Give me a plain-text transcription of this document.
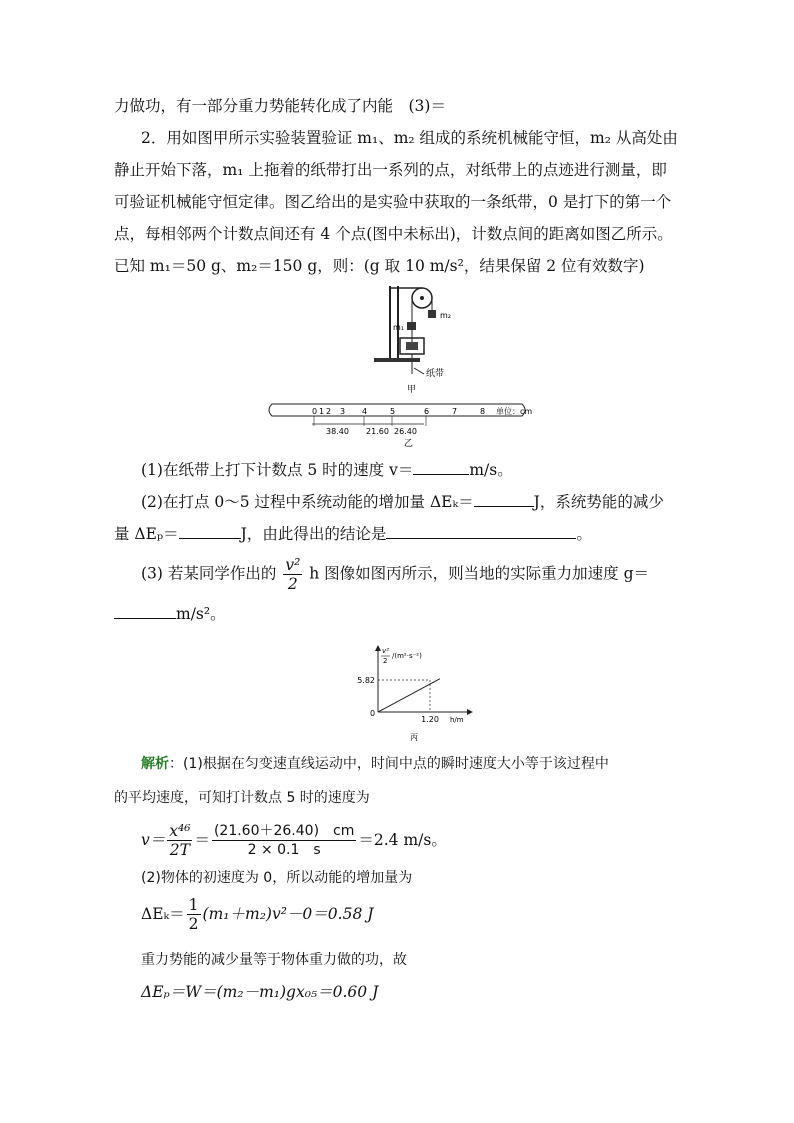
力做功，有一部分重力势能转化成了内能　(3)＝
2．用如图甲所示实验装置验证 m₁、m₂ 组成的系统机械能守恒，m₂ 从高处由
静止开始下落，m₁ 上拖着的纸带打出一系列的点，对纸带上的点迹进行测量，即
可验证机械能守恒定律。图乙给出的是实验中获取的一条纸带，0 是打下的第一个
点，每相邻两个计数点间还有 4 个点(图中未标出)，计数点间的距离如图乙所示。
已知 m₁＝50 g、m₂＝150 g，则：(g 取 10 m/s²，结果保留 2 位有效数字)
m₂
m₁
纸带
甲
0 1 2 3 4	5	6	7	8 单位：cm
38.40 21.60 26.40
乙
(1)在纸带上打下计数点 5 时的速度 v＝	m/s。
(2)在打点 0～5 过程中系统动能的增加量 ΔEₖ＝	J，系统势能的减少
量 ΔEₚ＝	J，由此得出的结论是	。
(3) 若某同学作出的 $\frac{\text{v²}}{2}$ h 图像如图丙所示，则当地的实际重力加速度 g＝
m/s²。
5.82
1.20
v²
2
/(m²·s⁻²)
h/m
0
丙
解析：(1)根据在匀变速直线运动中，时间中点的瞬时速度大小等于该过程中
的平均速度，可知打计数点 5 时的速度为
$v= \frac{\text{x⁴⁶}}{2T} = \frac{(21.60+26.40) cm}{2 \times 0.1 s} =2.4$ m/s。
(2)物体的初速度为 0，所以动能的增加量为
$\Delta E_k= \frac{1}{2} (m_1+m_2)v^2-0=0.58$ J
重力势能的减少量等于物体重力做的功，故
ΔEₚ＝W＝(m₂－m₁)gx₀₅＝0.60 J
